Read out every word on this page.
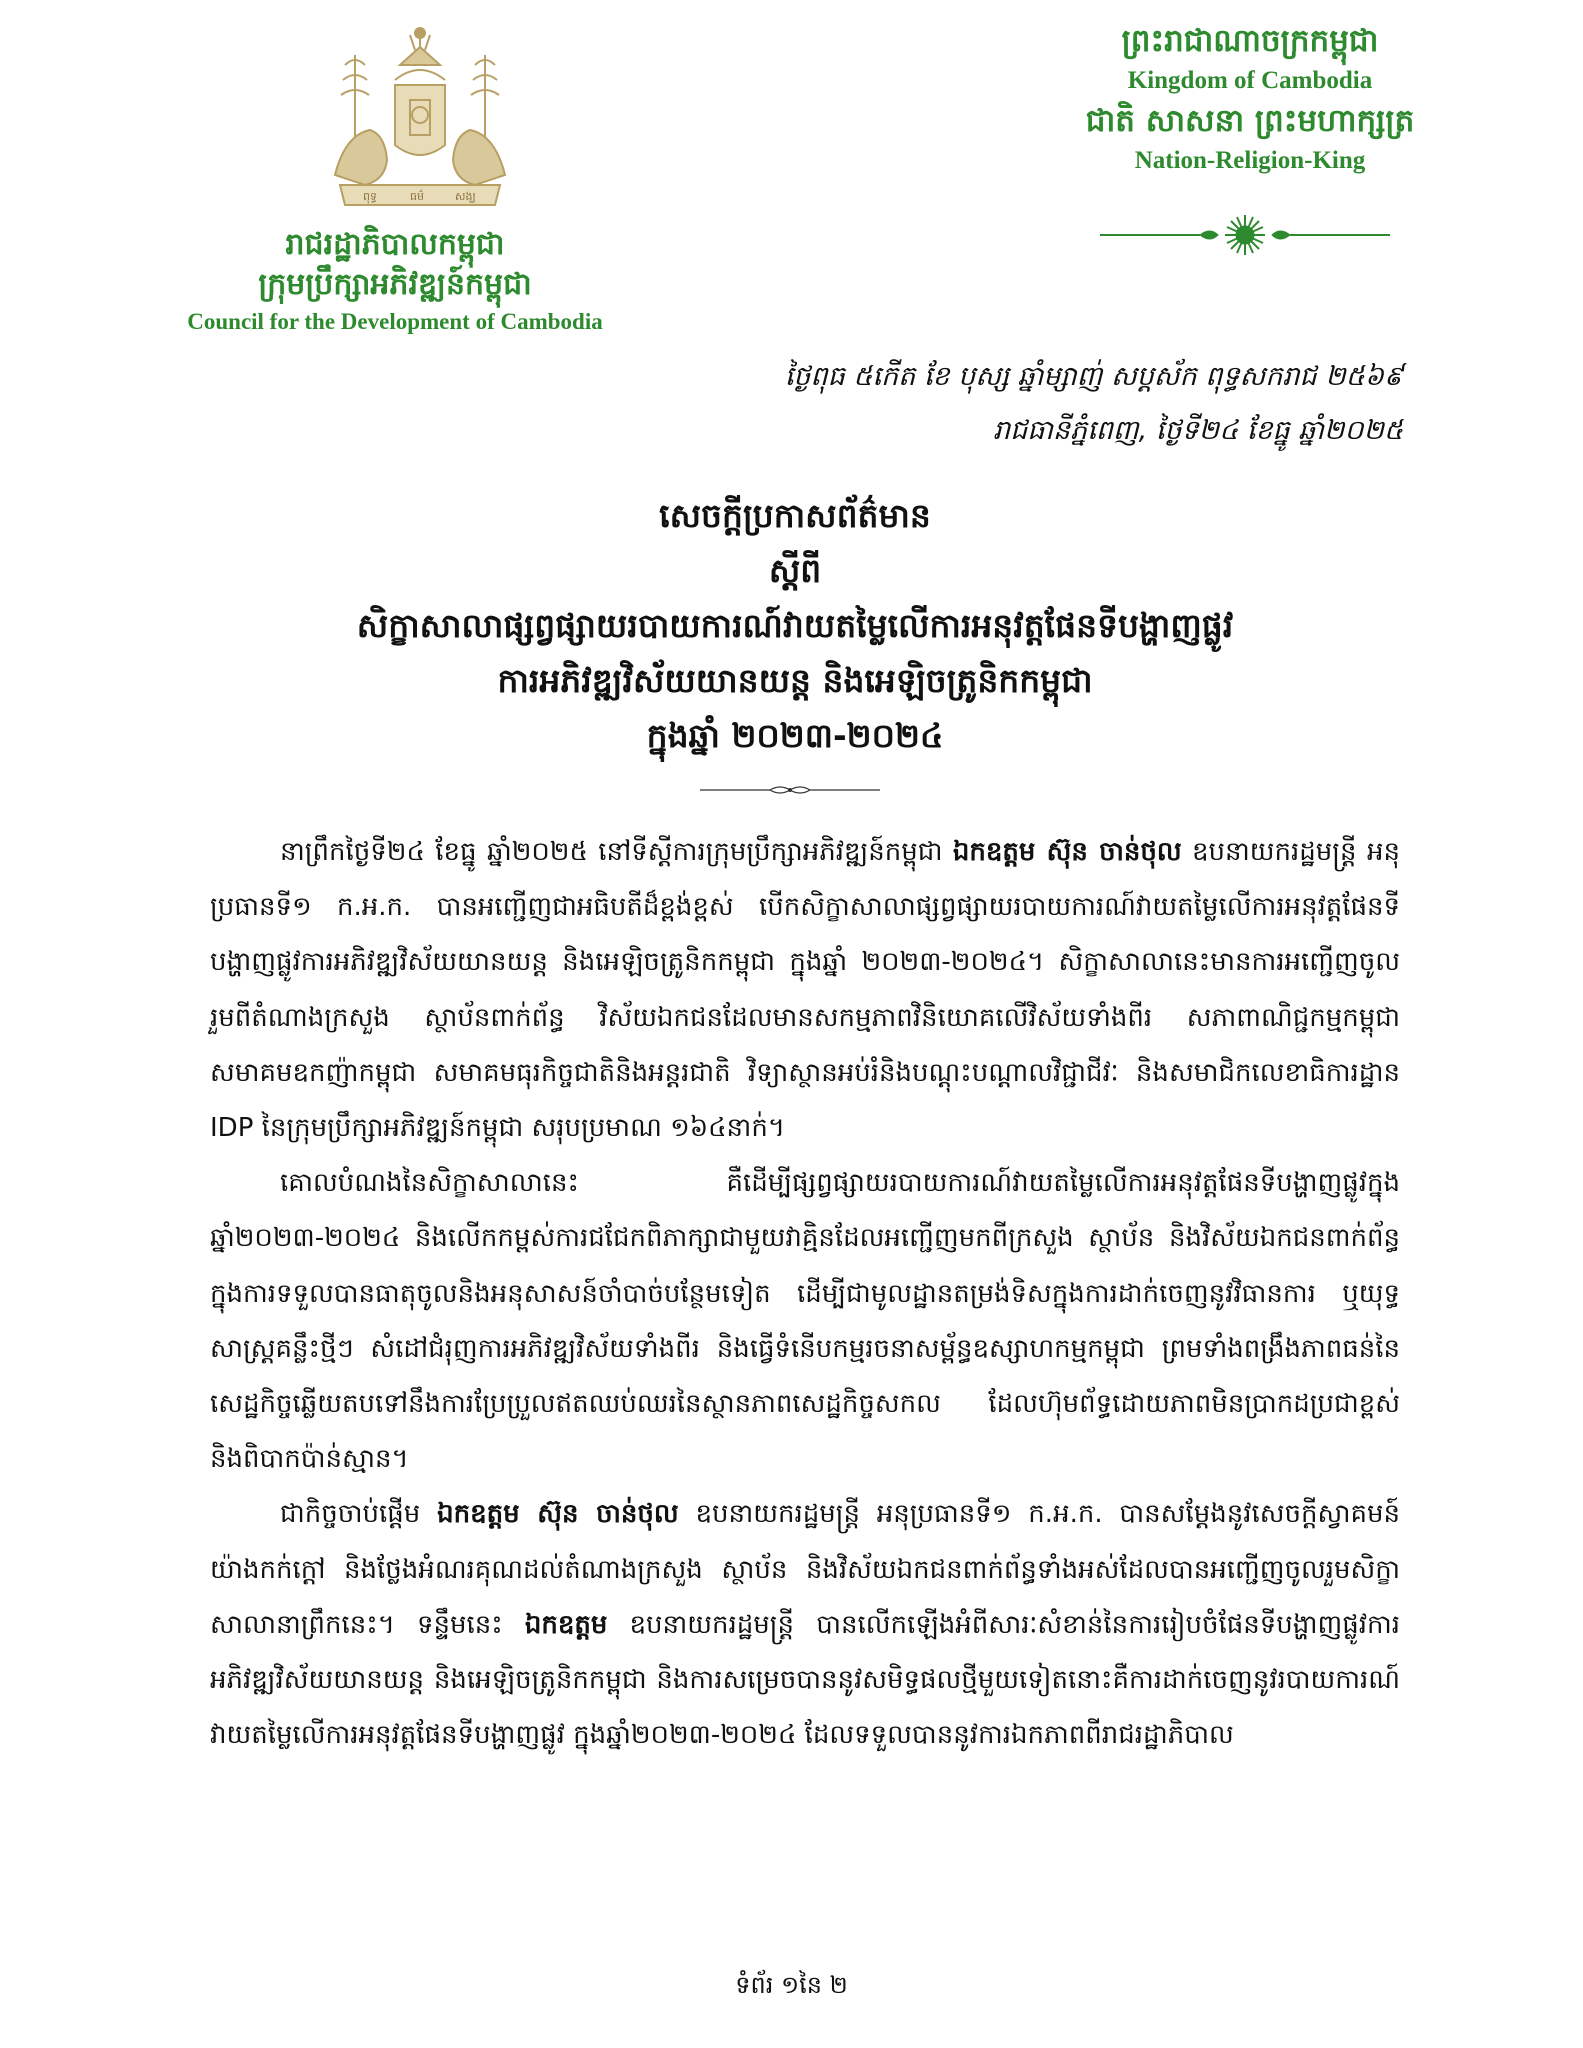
ពុទ្ធ	ធម៌	សង្ឃ
រាជរដ្ឋាភិបាលកម្ពុជា
ក្រុមប្រឹក្សាអភិវឌ្ឍន៍កម្ពុជា
Council for the Development of Cambodia
ព្រះរាជាណាចក្រកម្ពុជា
Kingdom of Cambodia
ជាតិ សាសនា ព្រះមហាក្សត្រ
Nation-Religion-King
ថ្ងៃពុធ ៥កើត ខែ បុស្ស ឆ្នាំម្សាញ់ សប្តស័ក ពុទ្ធសករាជ ២៥៦៩
រាជធានីភ្នំពេញ, ថ្ងៃទី២៤ ខែធ្នូ ឆ្នាំ២០២៥
សេចក្តីប្រកាសព័ត៌មាន
ស្តីពី
សិក្ខាសាលាផ្សព្វផ្សាយរបាយការណ៍វាយតម្លៃលើការអនុវត្តផែនទីបង្ហាញផ្លូវ
ការអភិវឌ្ឍវិស័យយានយន្ត និងអេឡិចត្រូនិកកម្ពុជា
ក្នុងឆ្នាំ ២០២៣-២០២៤

នាព្រឹកថ្ងៃទី២៤ ខែធ្នូ ឆ្នាំ២០២៥ នៅទីស្តីការក្រុមប្រឹក្សាអភិវឌ្ឍន៍កម្ពុជា ឯកឧត្តម ស៊ុន ចាន់ថុល ឧបនាយករដ្ឋមន្ត្រី អនុប្រធានទី១ ក.អ.ក. បានអញ្ជើញជាអធិបតីដ៏ខ្ពង់ខ្ពស់ បើកសិក្ខាសាលាផ្សព្វផ្សាយរបាយការណ៍វាយតម្លៃលើការអនុវត្តផែនទីបង្ហាញផ្លូវការអភិវឌ្ឍវិស័យយានយន្ត និងអេឡិចត្រូនិកកម្ពុជា ក្នុងឆ្នាំ ២០២៣-២០២៤។ សិក្ខាសាលានេះមានការអញ្ជើញចូលរួមពីតំណាងក្រសួង ស្ថាប័នពាក់ព័ន្ធ វិស័យឯកជនដែលមានសកម្មភាពវិនិយោគលើវិស័យទាំងពីរ សភាពាណិជ្ជកម្មកម្ពុជា សមាគមឧកញ៉ាកម្ពុជា សមាគមធុរកិច្ចជាតិនិងអន្តរជាតិ វិទ្យាស្ថានអប់រំនិងបណ្តុះបណ្តាលវិជ្ជាជីវៈ និងសមាជិកលេខាធិការដ្ឋាន IDP នៃក្រុមប្រឹក្សាអភិវឌ្ឍន៍កម្ពុជា សរុបប្រមាណ ១៦៤នាក់។

គោលបំណងនៃសិក្ខាសាលានេះ គឺដើម្បីផ្សព្វផ្សាយរបាយការណ៍វាយតម្លៃលើការអនុវត្តផែនទីបង្ហាញផ្លូវក្នុងឆ្នាំ២០២៣-២០២៤ និងលើកកម្ពស់ការជជែកពិភាក្សាជាមួយវាគ្មិនដែលអញ្ជើញមកពីក្រសួង ស្ថាប័ន និងវិស័យឯកជនពាក់ព័ន្ធ ក្នុងការទទួលបានធាតុចូលនិងអនុសាសន៍ចាំបាច់បន្ថែមទៀត ដើម្បីជាមូលដ្ឋានតម្រង់ទិសក្នុងការដាក់ចេញនូវវិធានការ ឬយុទ្ធសាស្ត្រគន្លឹះថ្មីៗ សំដៅជំរុញការអភិវឌ្ឍវិស័យទាំងពីរ និងធ្វើទំនើបកម្មរចនាសម្ព័ន្ធឧស្សាហកម្មកម្ពុជា ព្រមទាំងពង្រឹងភាពធន់នៃសេដ្ឋកិច្ចឆ្លើយតបទៅនឹងការប្រែប្រួលឥតឈប់ឈរនៃស្ថានភាពសេដ្ឋកិច្ចសកល ដែលហ៊ុមព័ទ្ធដោយភាពមិនប្រាកដប្រជាខ្ពស់ និងពិបាកប៉ាន់ស្មាន។

ជាកិច្ចចាប់ផ្តើម ឯកឧត្តម ស៊ុន ចាន់ថុល ឧបនាយករដ្ឋមន្ត្រី អនុប្រធានទី១ ក.អ.ក. បានសម្តែងនូវសេចក្តីស្វាគមន៍យ៉ាងកក់ក្តៅ និងថ្លែងអំណរគុណដល់តំណាងក្រសួង ស្ថាប័ន និងវិស័យឯកជនពាក់ព័ន្ធទាំងអស់ដែលបានអញ្ជើញចូលរួមសិក្ខាសាលានាព្រឹកនេះ។ ទន្ទឹមនេះ ឯកឧត្តម ឧបនាយករដ្ឋមន្ត្រី បានលើកឡើងអំពីសារៈសំខាន់នៃការរៀបចំផែនទីបង្ហាញផ្លូវការអភិវឌ្ឍវិស័យយានយន្ត និងអេឡិចត្រូនិកកម្ពុជា និងការសម្រេចបាននូវសមិទ្ធផលថ្មីមួយទៀតនោះគឺការដាក់ចេញនូវរបាយការណ៍វាយតម្លៃលើការអនុវត្តផែនទីបង្ហាញផ្លូវ ក្នុងឆ្នាំ២០២៣-២០២៤ ដែលទទួលបាននូវការឯកភាពពីរាជរដ្ឋាភិបាល

ទំព័រ ១នៃ ២
